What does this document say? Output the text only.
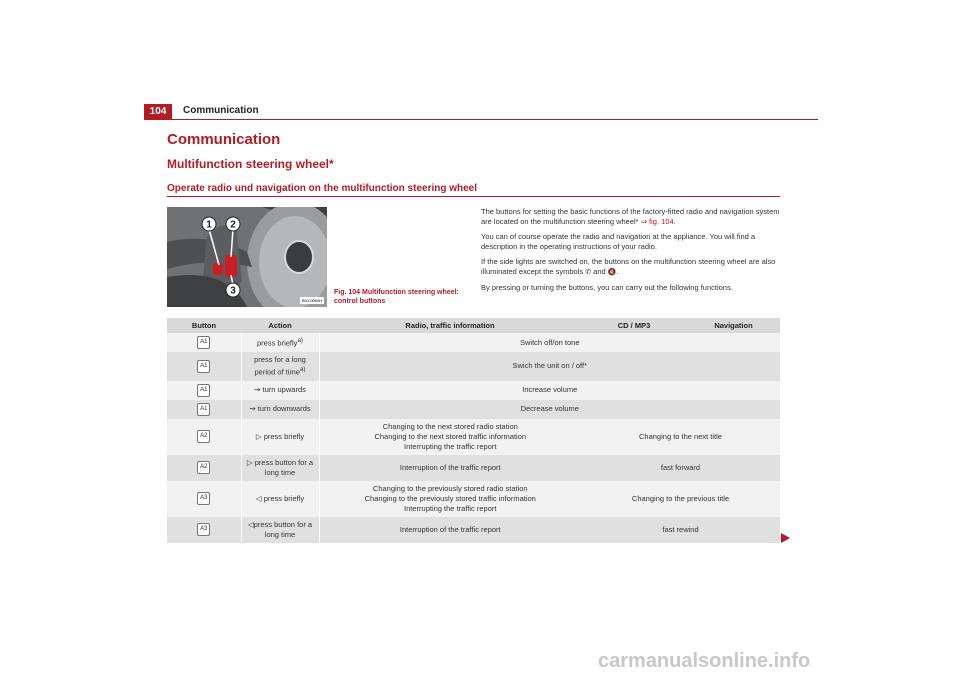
104	Communication
Communication
Multifunction steering wheel*
Operate radio und navigation on the multifunction steering wheel
1 2
3
B5J-0060H
Fig. 104 Multifunction steering wheel: control buttons

The buttons for setting the basic functions of the factory-fitted radio and navigation system are located on the multifunction steering wheel* ⇒ fig. 104.

You can of course operate the radio and navigation at the appliance. You will find a description in the operating instructions of your radio.

If the side lights are switched on, the buttons on the multifunction steering wheel are also illuminated except the symbols ✆ and 🔇.

By pressing or turning the buttons, you can carry out the following functions.

Button	Action	Radio, traffic information	CD / MP3	Navigation
A1	press briefly$^{a)}$	Switch off/on tone		
A1	press for a long period of time$^{a)}$	Swich the unit on / off*		
A1	⇝ turn upwards	Increase volume		
A1	⇝ turn downwards	Decrease volume		
A2	▷ press briefly	Changing to the next stored radio station
Changing to the next stored traffic information
Interrupting the traffic report	Changing to the next title	
A2	▷ press button for a long time	Interruption of the traffic report	fast forward	
A3	◁ press briefly	Changing to the previously stored radio station
Changing to the previously stored traffic information
Interrupting the traffic report	Changing to the previous title	
A3	◁press button for a long time	Interruption of the traffic report	fast rewind	
carmanualsonline.info
